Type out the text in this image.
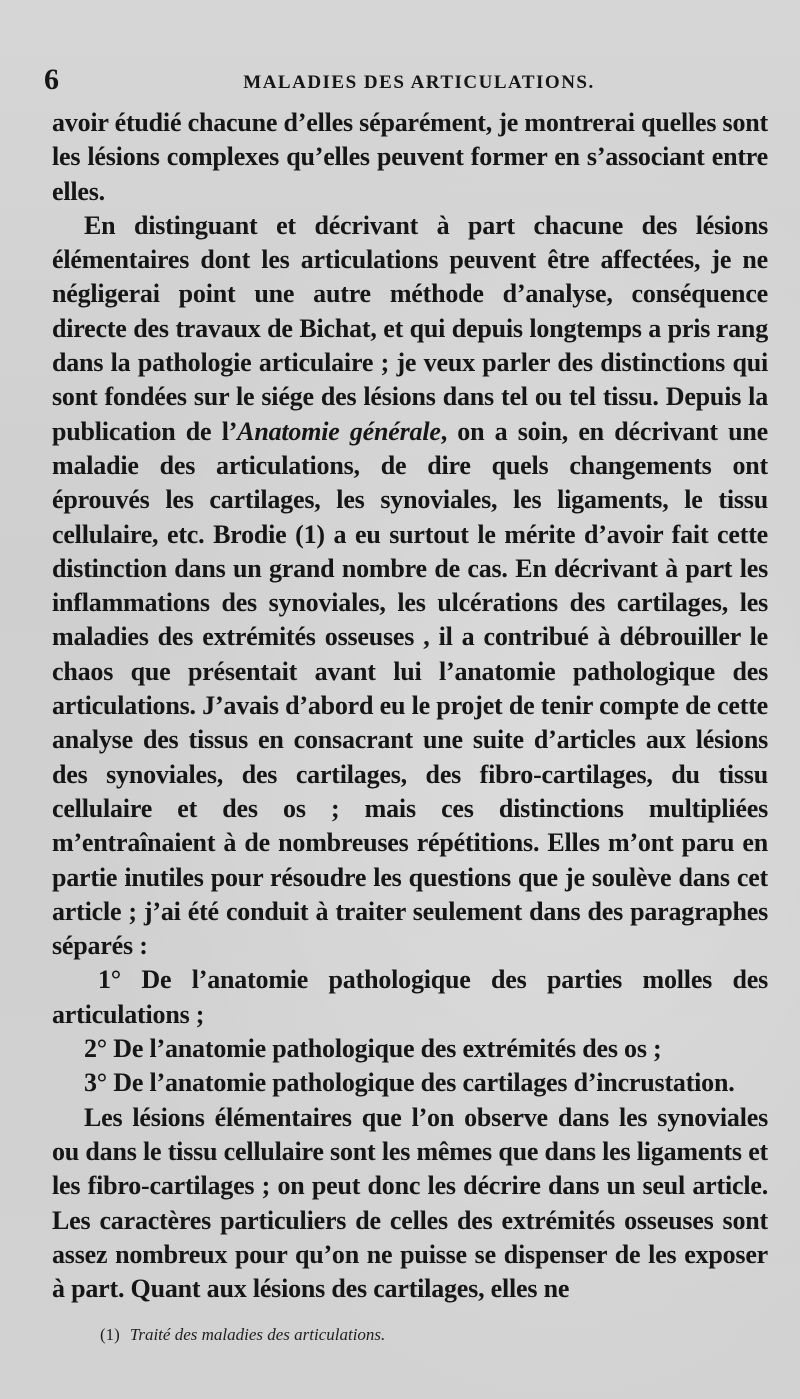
6	MALADIES DES ARTICULATIONS.

avoir étudié chacune d’elles séparément, je montrerai quelles sont les lésions complexes qu’elles peuvent former en s’associant entre elles.

En distinguant et décrivant à part chacune des lésions élémentaires dont les articulations peuvent être affectées, je ne négligerai point une autre méthode d’analyse, conséquence directe des travaux de Bichat, et qui depuis longtemps a pris rang dans la pathologie articulaire ; je veux parler des distinctions qui sont fondées sur le siége des lésions dans tel ou tel tissu. Depuis la publication de l’Anatomie générale, on a soin, en décrivant une maladie des articulations, de dire quels changements ont éprouvés les cartilages, les synoviales, les ligaments, le tissu cellulaire, etc. Brodie (1) a eu surtout le mérite d’avoir fait cette distinction dans un grand nombre de cas. En décrivant à part les inflammations des synoviales, les ulcérations des cartilages, les maladies des extrémités osseuses , il a contribué à débrouiller le chaos que présentait avant lui l’anatomie pathologique des articulations. J’avais d’abord eu le projet de tenir compte de cette analyse des tissus en consacrant une suite d’articles aux lésions des synoviales, des cartilages, des fibro-cartilages, du tissu cellulaire et des os ; mais ces distinctions multipliées m’entraînaient à de nombreuses répétitions. Elles m’ont paru en partie inutiles pour résoudre les questions que je soulève dans cet article ; j’ai été conduit à traiter seulement dans des paragraphes séparés :

1° De l’anatomie pathologique des parties molles des articulations ;

2° De l’anatomie pathologique des extrémités des os ;

3° De l’anatomie pathologique des cartilages d’incrustation.

Les lésions élémentaires que l’on observe dans les synoviales ou dans le tissu cellulaire sont les mêmes que dans les ligaments et les fibro-cartilages ; on peut donc les décrire dans un seul article. Les caractères particuliers de celles des extrémités osseuses sont assez nombreux pour qu’on ne puisse se dispenser de les exposer à part. Quant aux lésions des cartilages, elles ne

(1) Traité des maladies des articulations.
